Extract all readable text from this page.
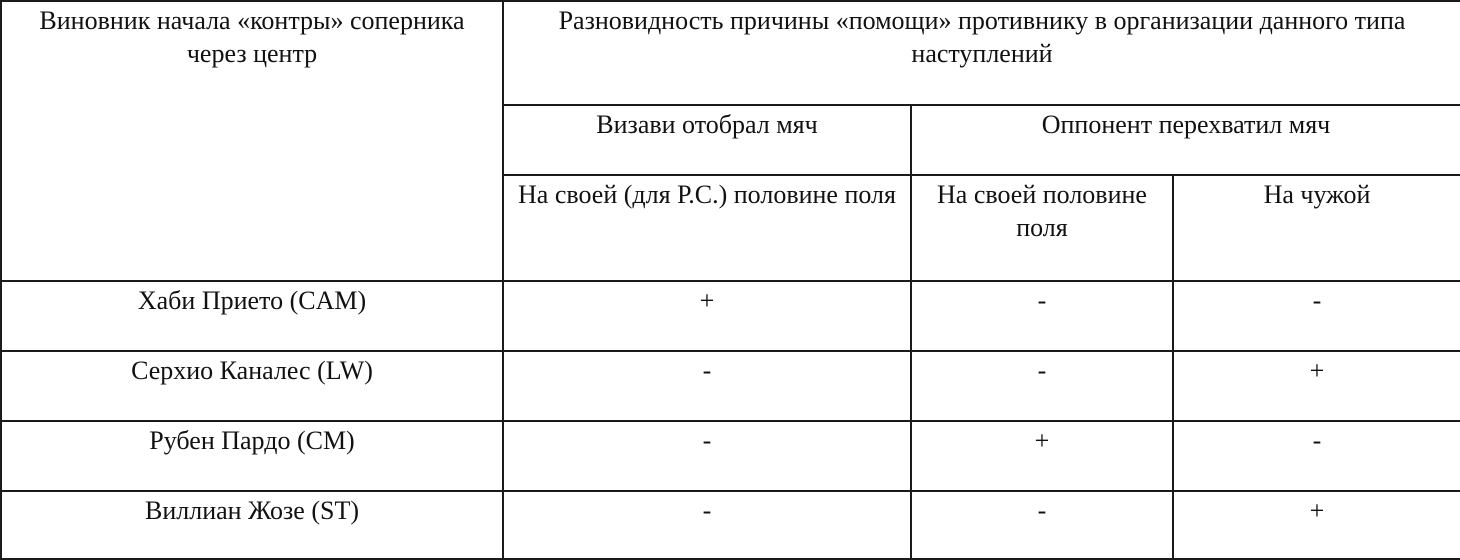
Виновник начала «контры» соперника через центр	Разновидность причины «помощи» противнику в организации данного типа наступлений		
	Визави отобрал мяч	Оппонент перехватил мяч	
	На своей (для Р.С.) половине поля	На своей половине поля	На чужой
Хаби Прието (CAM)	+	-	-
Серхио Каналес (LW)	-	-	+
Рубен Пардо (CM)	-	+	-
Виллиан Жозе (ST)	-	-	+
